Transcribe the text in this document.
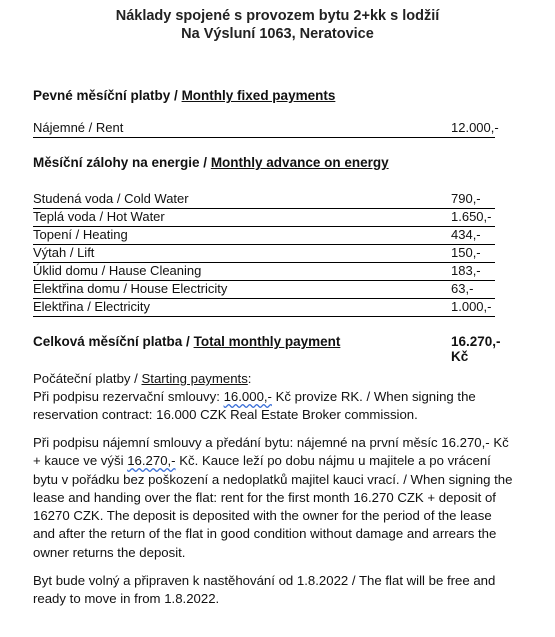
Náklady spojené s provozem bytu 2+kk s lodžií
Na Výsluní 1063, Neratovice
Pevné měsíční platby / Monthly fixed payments
Nájemné / Rent	12.000,-
Měsíční zálohy na energie / Monthly advance on energy
Studená voda / Cold Water	790,-
Teplá voda / Hot Water	1.650,-
Topení / Heating	434,-
Výtah / Lift	150,-
Úklid domu / Hause Cleaning	183,-
Elektřina domu / House Electricity	63,-
Elektřina / Electricity	1.000,-
Celková měsíční platba / Total monthly payment	16.270,- Kč
Počáteční platby / Starting payments:

Při podpisu rezervační smlouvy: 16.000,- Kč provize RK. / When signing the reservation contract: 16.000 CZK Real Estate Broker commission.

Při podpisu nájemní smlouvy a předání bytu: nájemné na první měsíc 16.270,- Kč + kauce ve výši 16.270,- Kč. Kauce leží po dobu nájmu u majitele a po vrácení bytu v pořádku bez poškození a nedoplatků majitel kauci vrací. / When signing the lease and handing over the flat: rent for the first month 16.270 CZK + deposit of 16270 CZK. The deposit is deposited with the owner for the period of the lease and after the return of the flat in good condition without damage and arrears the owner returns the deposit.

Byt bude volný a připraven k nastěhování od 1.8.2022 / The flat will be free and ready to move in from 1.8.2022.
